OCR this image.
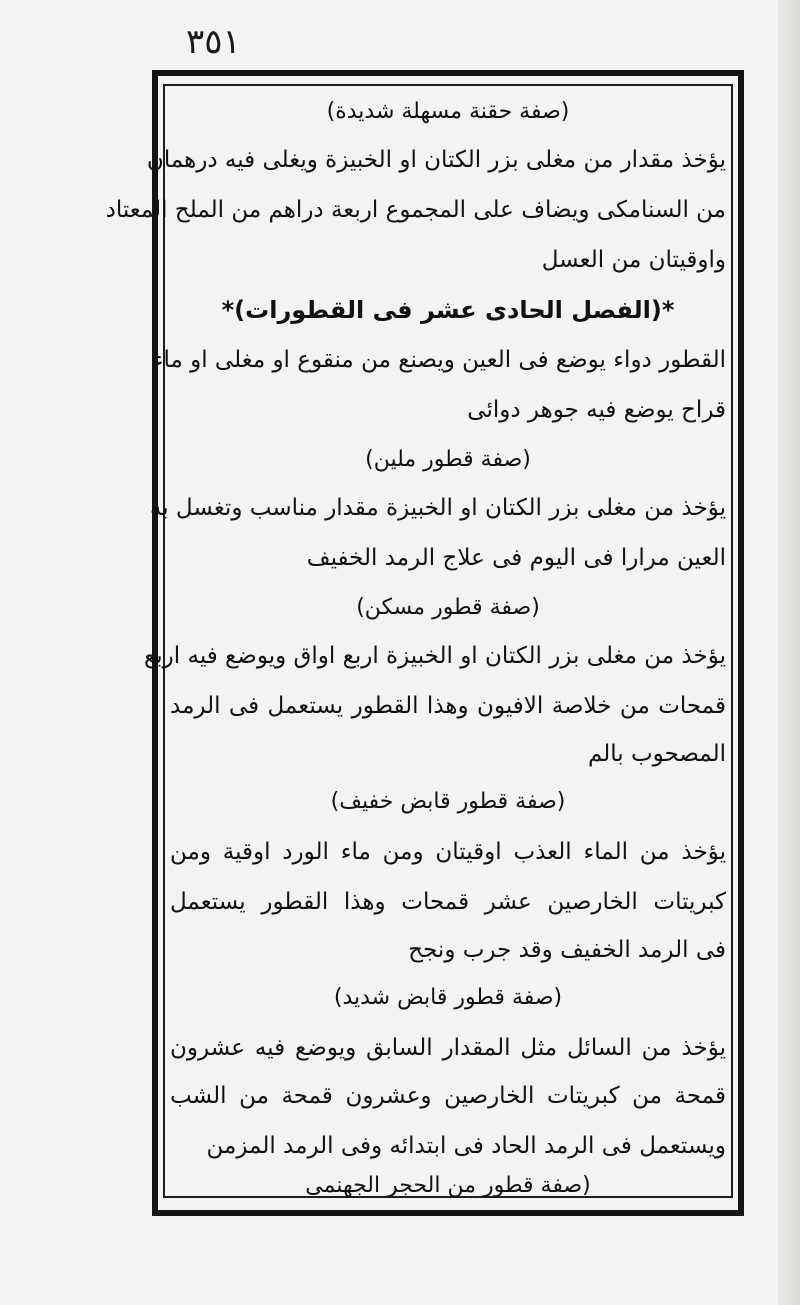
٣٥١
(صفة حقنة مسهلة شديدة)
يؤخذ مقدار من مغلى بزر الكتان او الخبيزة ويغلى فيه درهمان
من السنامكى ويضاف على المجموع اربعة دراهم من الملح المعتاد
واوقيتان من العسل
*(الفصل الحادى عشر فى القطورات)*
القطور دواء يوضع فى العين ويصنع من منقوع او مغلى او ماء
قراح يوضع فيه جوهر دوائى
(صفة قطور ملين)
يؤخذ من مغلى بزر الكتان او الخبيزة مقدار مناسب وتغسل به
العين مرارا فى اليوم فى علاج الرمد الخفيف
(صفة قطور مسكن)
يؤخذ من مغلى بزر الكتان او الخبيزة اربع اواق ويوضع فيه اربع
قمحات من خلاصة الافيون وهذا القطور يستعمل فى الرمد
المصحوب بالم
(صفة قطور قابض خفيف)
يؤخذ من الماء العذب اوقيتان ومن ماء الورد اوقية ومن
كبريتات الخارصين عشر قمحات وهذا القطور يستعمل
فى الرمد الخفيف وقد جرب ونجح
(صفة قطور قابض شديد)
يؤخذ من السائل مثل المقدار السابق ويوضع فيه عشرون
قمحة من كبريتات الخارصين وعشرون قمحة من الشب
ويستعمل فى الرمد الحاد فى ابتدائه وفى الرمد المزمن
(صفة قطور من الحجر الجهنمى
